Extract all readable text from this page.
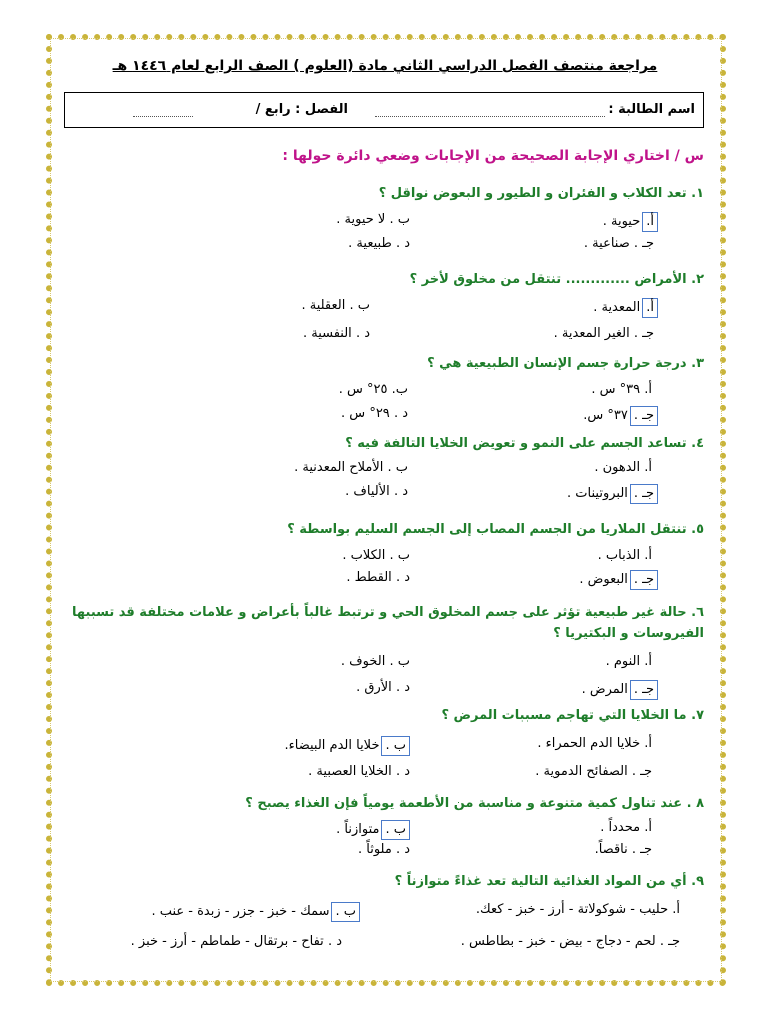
مراجعة منتصف الفصل الدراسي الثاني مادة (العلوم ) الصف الرابع لعام ١٤٤٦ هـ
اسم الطالبة :
الفصل : رابع /
س / اختاري الإجابة الصحيحة من الإجابات وضعي دائرة حولها :
١. تعد الكلاب و الفئران و الطيور و البعوض نواقل ؟
أ.حيوية .
ب . لا حيوية .
جـ . صناعية .
د . طبيعية .
٢. الأمراض ............. تنتقل من مخلوق لأخر ؟
أ.المعدية .
ب . العقلية .
جـ . الغير المعدية .
د . النفسية .
٣. درجة حرارة جسم الإنسان الطبيعية هي ؟
أ. ٣٩° س .
ب. ٢٥° س .
جـ .٣٧° س.
د . ٢٩° س .
٤. تساعد الجسم على النمو و تعويض الخلايا التالفة فيه ؟
أ. الدهون .
ب . الأملاح المعدنية .
جـ .البروتينات .
د . الألياف .
٥. تنتقل الملاريا من الجسم المصاب إلى الجسم السليم بواسطة ؟
أ. الذباب .
ب . الكلاب .
جـ .البعوض .
د . القطط .
٦. حالة غير طبيعية تؤثر على جسم المخلوق الحي و ترتبط غالباً بأعراض و علامات مختلفة قد تسببها الفيروسات و البكتيريا ؟
أ. النوم .
ب . الخوف .
جـ .المرض .
د . الأرق .
٧. ما الخلايا التي تهاجم مسببات المرض ؟
أ. خلايا الدم الحمراء .
ب .خلايا الدم البيضاء.
جـ . الصفائح الدموية .
د . الخلايا العصبية .
٨ . عند تناول كمية متنوعة و مناسبة من الأطعمة يومياً فإن الغذاء يصبح ؟
أ. محدداً .
ب .متوازناً .
جـ . ناقصاً.
د . ملوثاً .
٩. أي من المواد الغذائية التالية تعد غذاءً متوازناً ؟
أ. حليب - شوكولاتة - أرز - خبز - كعك.
ب .سمك - خبز - جزر - زبدة - عنب .
جـ . لحم - دجاج - بيض - خبز - بطاطس .
د . تفاح - برتقال - طماطم - أرز - خبز .
